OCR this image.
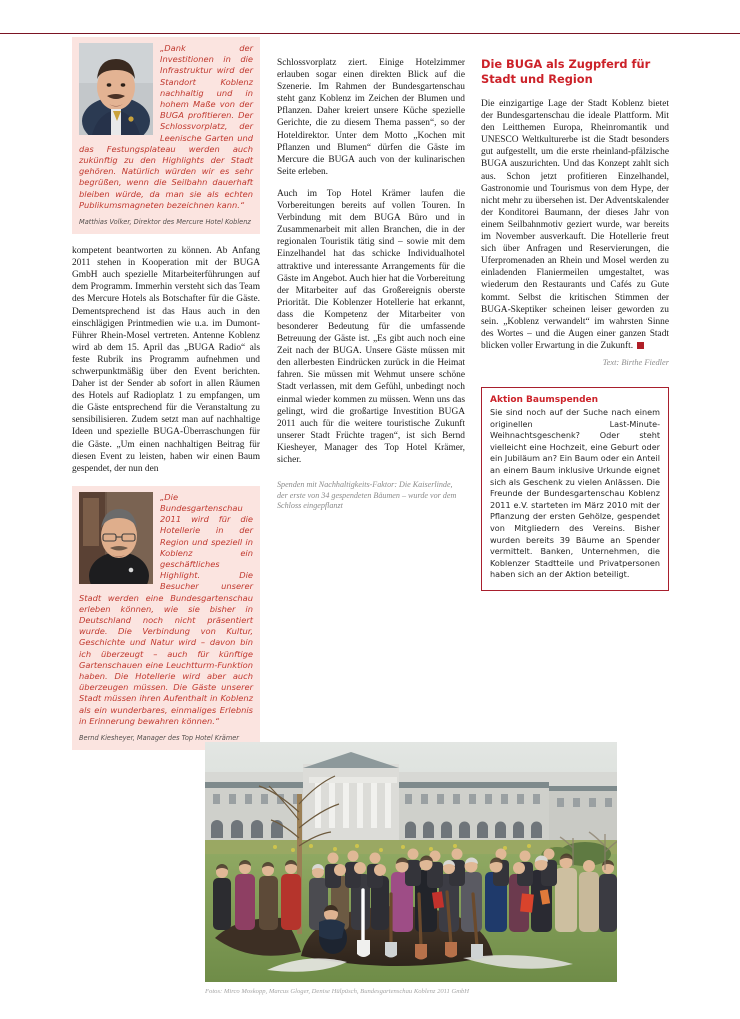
„Dank der Investitionen in die Infrastruktur wird der Standort Koblenz nachhaltig und in hohem Maße von der BUGA profitieren. Der Schlossvorplatz, der Leenische Garten und das Festungsplateau werden auch zukünftig zu den Highlights der Stadt gehören. Natürlich würden wir es sehr begrüßen, wenn die Seilbahn dauerhaft bleiben würde, da man sie als echten Publikumsmagneten bezeichnen kann.“

Matthias Volker, Direktor des Mercure Hotel Koblenz

kompetent beantworten zu können. Ab Anfang 2011 stehen in Kooperation mit der BUGA GmbH auch spezielle Mitarbeiterführungen auf dem Programm. Immerhin versteht sich das Team des Mercure Hotels als Botschafter für die Gäste. Dementsprechend ist das Haus auch in den einschlägigen Printmedien wie u.a. im Dumont-Führer Rhein-Mosel vertreten. Antenne Koblenz wird ab dem 15. April das „BUGA Radio“ als feste Rubrik ins Programm aufnehmen und schwerpunktmäßig über den Event berichten. Daher ist der Sender ab sofort in allen Räumen des Hotels auf Radioplatz 1 zu empfangen, um die Gäste entsprechend für die Veranstaltung zu sensibilisieren. Zudem setzt man auf nachhaltige Ideen und spezielle BUGA-Überraschungen für die Gäste. „Um einen nachhaltigen Beitrag für diesen Event zu leisten, haben wir einen Baum gespendet, der nun den

„Die Bundesgartenschau 2011 wird für die Hotellerie in der Region und speziell in Koblenz ein geschäftliches Highlight. Die Besucher unserer Stadt werden eine Bundesgartenschau erleben können, wie sie bisher in Deutschland noch nicht präsentiert wurde. Die Verbindung von Kultur, Geschichte und Natur wird – davon bin ich überzeugt – auch für künftige Gartenschauen eine Leuchtturm-Funktion haben. Die Hotellerie wird aber auch überzeugen müssen. Die Gäste unserer Stadt müssen ihren Aufenthalt in Koblenz als ein wunderbares, einmaliges Erlebnis in Erinnerung bewahren können.“

Bernd Kiesheyer, Manager des Top Hotel Krämer

Schlossvorplatz ziert. Einige Hotelzimmer erlauben sogar einen direkten Blick auf die Szenerie. Im Rahmen der Bundesgartenschau steht ganz Koblenz im Zeichen der Blumen und Pflanzen. Daher kreiert unsere Küche spezielle Gerichte, die zu diesem Thema passen“, so der Hoteldirektor. Unter dem Motto „Kochen mit Pflanzen und Blumen“ dürfen die Gäste im Mercure die BUGA auch von der kulinarischen Seite erleben.

Auch im Top Hotel Krämer laufen die Vorbereitungen bereits auf vollen Touren. In Verbindung mit dem BUGA Büro und in Zusammenarbeit mit allen Branchen, die in der regionalen Touristik tätig sind – sowie mit dem Einzelhandel hat das schicke Individualhotel attraktive und interessante Arrangements für die Gäste im Angebot. Auch hier hat die Vorbereitung der Mitarbeiter auf das Großereignis oberste Priorität. Die Koblenzer Hotellerie hat erkannt, dass die Kompetenz der Mitarbeiter von besonderer Bedeutung für die umfassende Betreuung der Gäste ist. „Es gibt auch noch eine Zeit nach der BUGA. Unsere Gäste müssen mit den allerbesten Eindrücken zurück in die Heimat fahren. Sie müssen mit Wehmut unsere schöne Stadt verlassen, mit dem Gefühl, unbedingt noch einmal wieder kommen zu müssen. Wenn uns das gelingt, wird die großartige Investition BUGA 2011 auch für die weitere touristische Zukunft unserer Stadt Früchte tragen“, ist sich Bernd Kiesheyer, Manager des Top Hotel Krämer, sicher.

Spenden mit Nachhaltigkeits-Faktor: Die Kaiserlinde, der erste von 34 gespendeten Bäumen – wurde vor dem Schloss eingepflanzt

Die BUGA als Zugpferd für Stadt und Region

Die einzigartige Lage der Stadt Koblenz bietet der Bundesgartenschau die ideale Plattform. Mit den Leitthemen Europa, Rheinromantik und UNESCO Weltkulturerbe ist die Stadt besonders gut aufgestellt, um die erste rheinland-pfälzische BUGA auszurichten. Und das Konzept zahlt sich aus. Schon jetzt profitieren Einzelhandel, Gastronomie und Tourismus von dem Hype, der nicht mehr zu übersehen ist. Der Adventskalender der Konditorei Baumann, der dieses Jahr von einem Seilbahnmotiv geziert wurde, war bereits im November ausverkauft. Die Hotellerie freut sich über Anfragen und Reservierungen, die Uferpromenaden an Rhein und Mosel werden zu einladenden Flaniermeilen umgestaltet, was wiederum den Restaurants und Cafés zu Gute kommt. Selbst die kritischen Stimmen der BUGA-Skeptiker scheinen leiser geworden zu sein. „Koblenz verwandelt“ im wahrsten Sinne des Wortes – und die Augen einer ganzen Stadt blicken voller Erwartung in die Zukunft.

Text: Birthe Fiedler

Aktion Baumspenden

Sie sind noch auf der Suche nach einem originellen Last-Minute-Weihnachtsgeschenk? Oder steht vielleicht eine Hochzeit, eine Geburt oder ein Jubiläum an? Ein Baum oder ein Anteil an einem Baum inklusive Urkunde eignet sich als Geschenk zu vielen Anlässen. Die Freunde der Bundesgartenschau Koblenz 2011 e.V. starteten im März 2010 mit der Pflanzung der ersten Gehölze, gespendet von Mitgliedern des Vereins. Bisher wurden bereits 39 Bäume an Spender vermittelt. Banken, Unternehmen, die Koblenzer Stadtteile und Privatpersonen haben sich an der Aktion beteiligt.

Fotos: Mirco Moskopp, Marcus Gloger, Denise Hülpüsch, Bundesgartenschau Koblenz 2011 GmbH
